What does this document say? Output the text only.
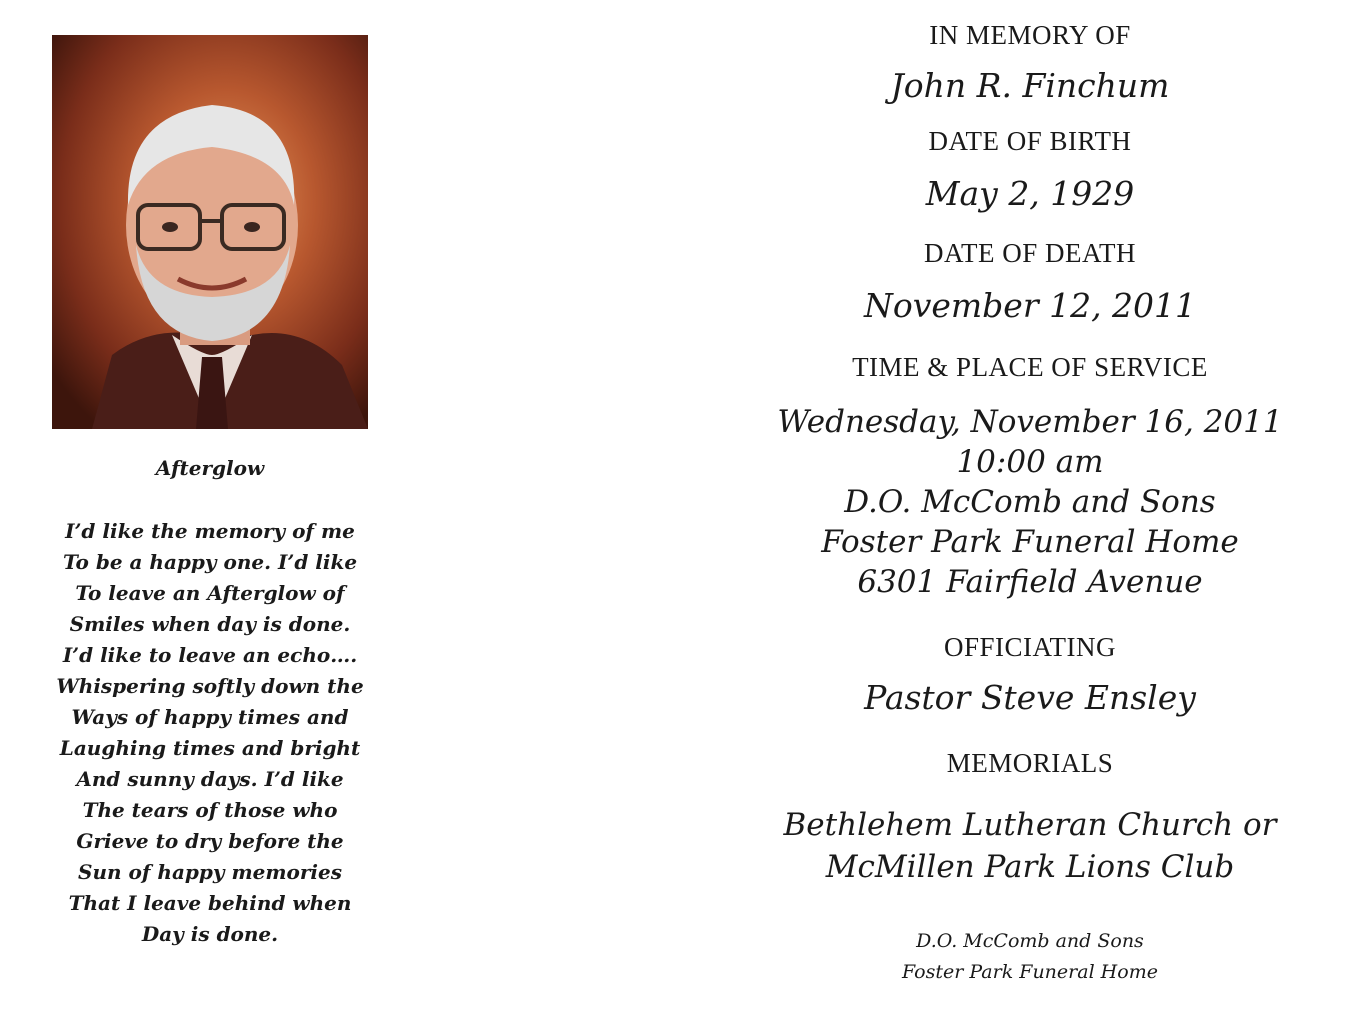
Afterglow
I’d like the memory of me
To be a happy one. I’d like
To leave an Afterglow of
Smiles when day is done.
I’d like to leave an echo….
Whispering softly down the
Ways of happy times and
Laughing times and bright
And sunny days. I’d like
The tears of those who
Grieve to dry before the
Sun of happy memories
That I leave behind when
Day is done.
IN MEMORY OF
John R. Finchum
DATE OF BIRTH
May 2, 1929
DATE OF DEATH
November 12, 2011
TIME & PLACE OF SERVICE
Wednesday, November 16, 2011
10:00 am
D.O. McComb and Sons
Foster Park Funeral Home
6301 Fairfield Avenue
OFFICIATING
Pastor Steve Ensley
MEMORIALS
Bethlehem Lutheran Church or
McMillen Park Lions Club
D.O. McComb and Sons
Foster Park Funeral Home
